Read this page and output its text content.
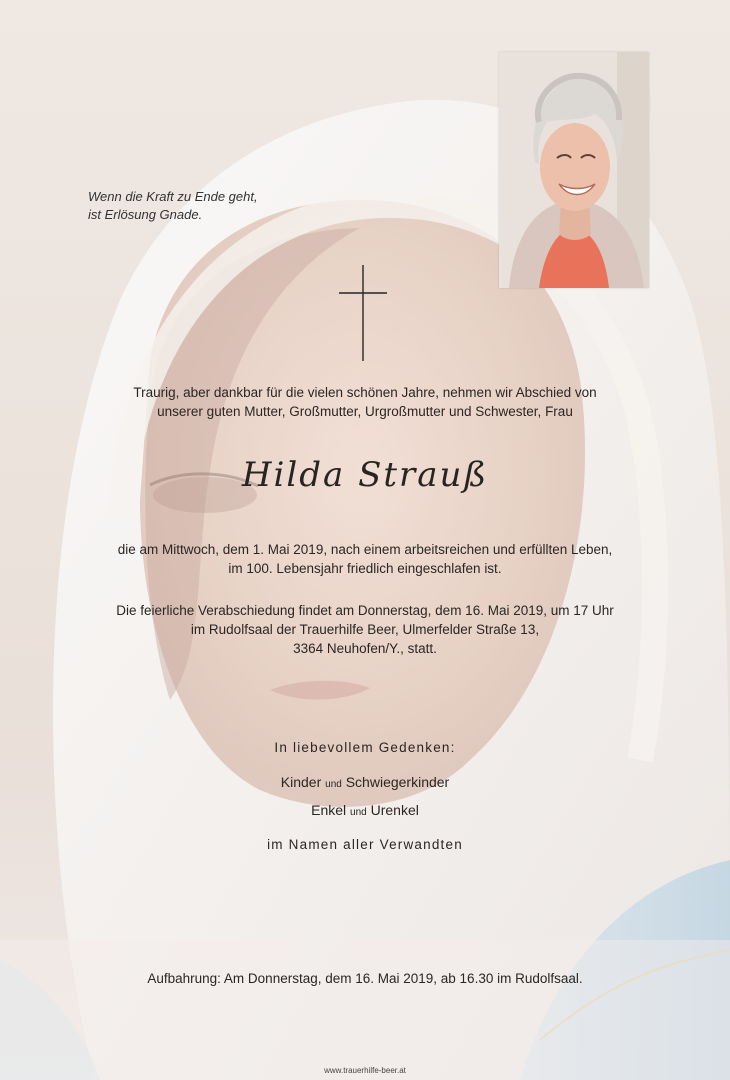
Wenn die Kraft zu Ende geht,
ist Erlösung Gnade.
Traurig, aber dankbar für die vielen schönen Jahre, nehmen wir Abschied von
unserer guten Mutter, Großmutter, Urgroßmutter und Schwester, Frau
Hilda Strauß
die am Mittwoch, dem 1. Mai 2019, nach einem arbeitsreichen und erfüllten Leben,
im 100. Lebensjahr friedlich eingeschlafen ist.
Die feierliche Verabschiedung findet am Donnerstag, dem 16. Mai 2019, um 17 Uhr
im Rudolfsaal der Trauerhilfe Beer, Ulmerfelder Straße 13,
3364 Neuhofen/Y., statt.
In liebevollem Gedenken:
Kinder und Schwiegerkinder
Enkel und Urenkel
im Namen aller Verwandten
Aufbahrung: Am Donnerstag, dem 16. Mai 2019, ab 16.30 im Rudolfsaal.
www.trauerhilfe-beer.at
